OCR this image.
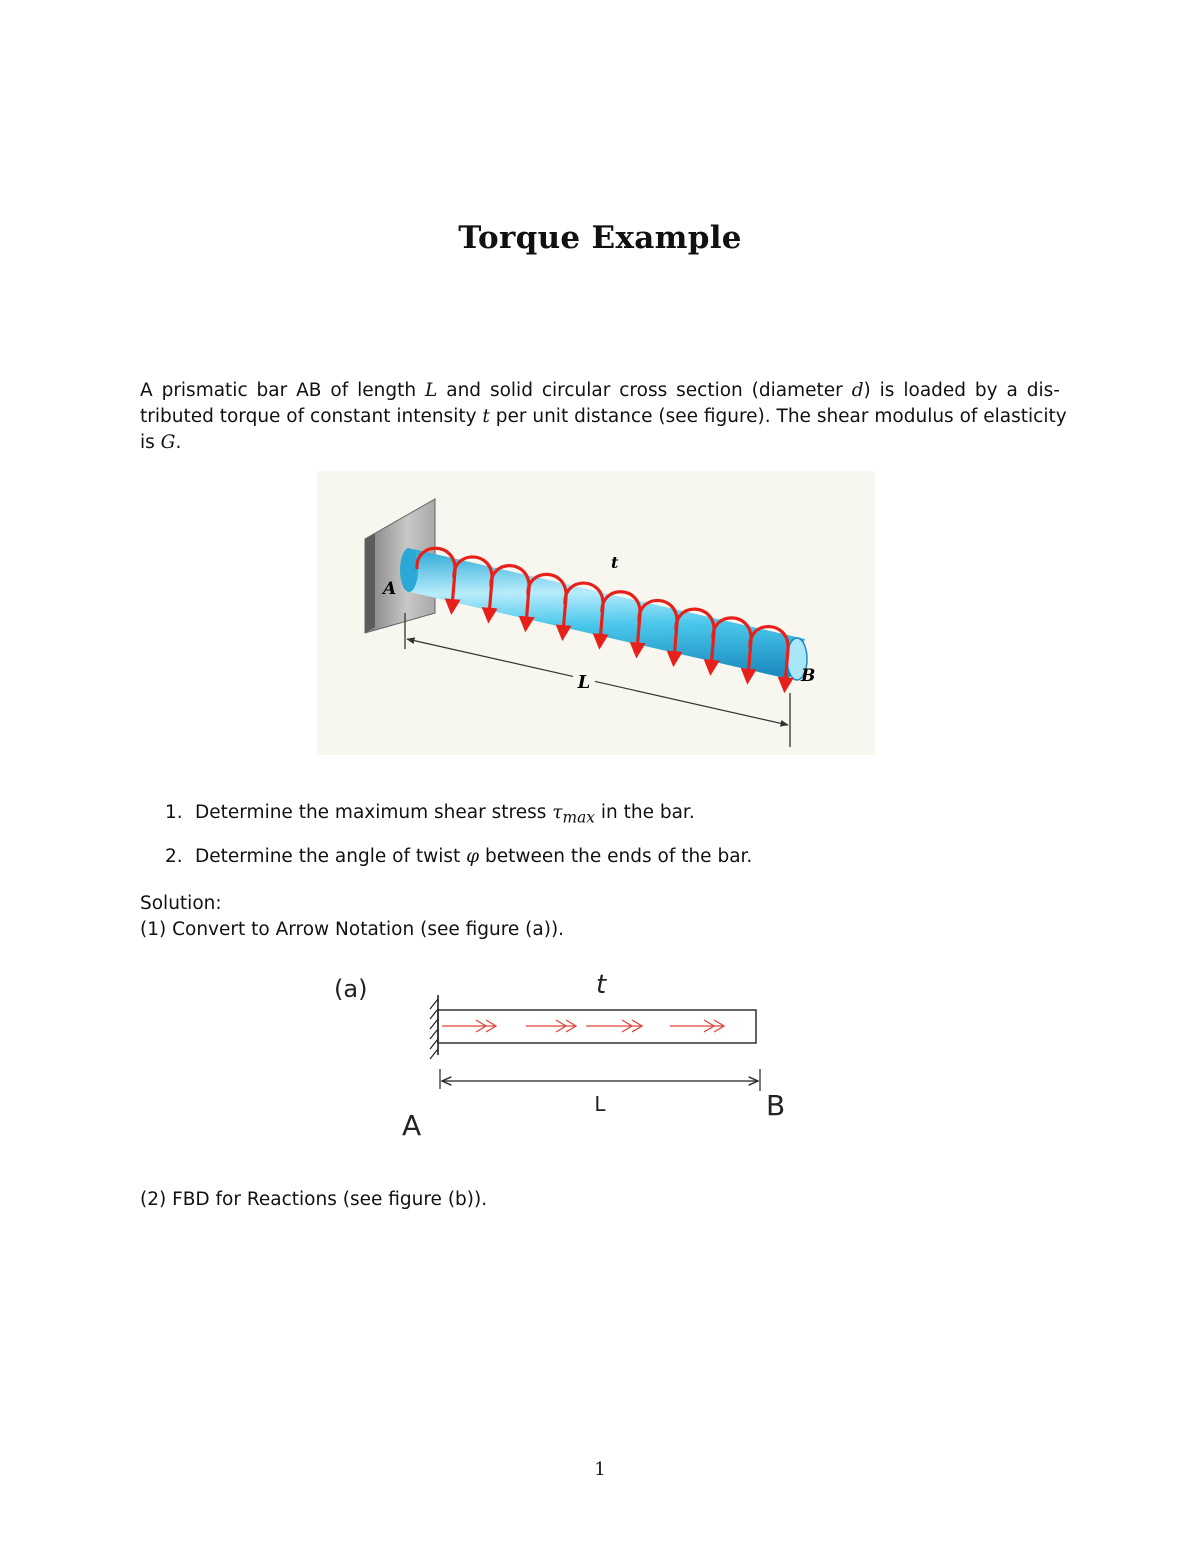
Torque Example
A prismatic bar AB of length L and solid circular cross section (diameter d) is loaded by a dis-
tributed torque of constant intensity t per unit distance (see figure). The shear modulus of elasticity
is G.
L
A
B
t
1. Determine the maximum shear stress $\tau_{max}$ in the bar.
2. Determine the angle of twist φ between the ends of the bar.
Solution:
(1) Convert to Arrow Notation (see figure (a)).
(a)	t
L
A
B
(2) FBD for Reactions (see figure (b)).
1
